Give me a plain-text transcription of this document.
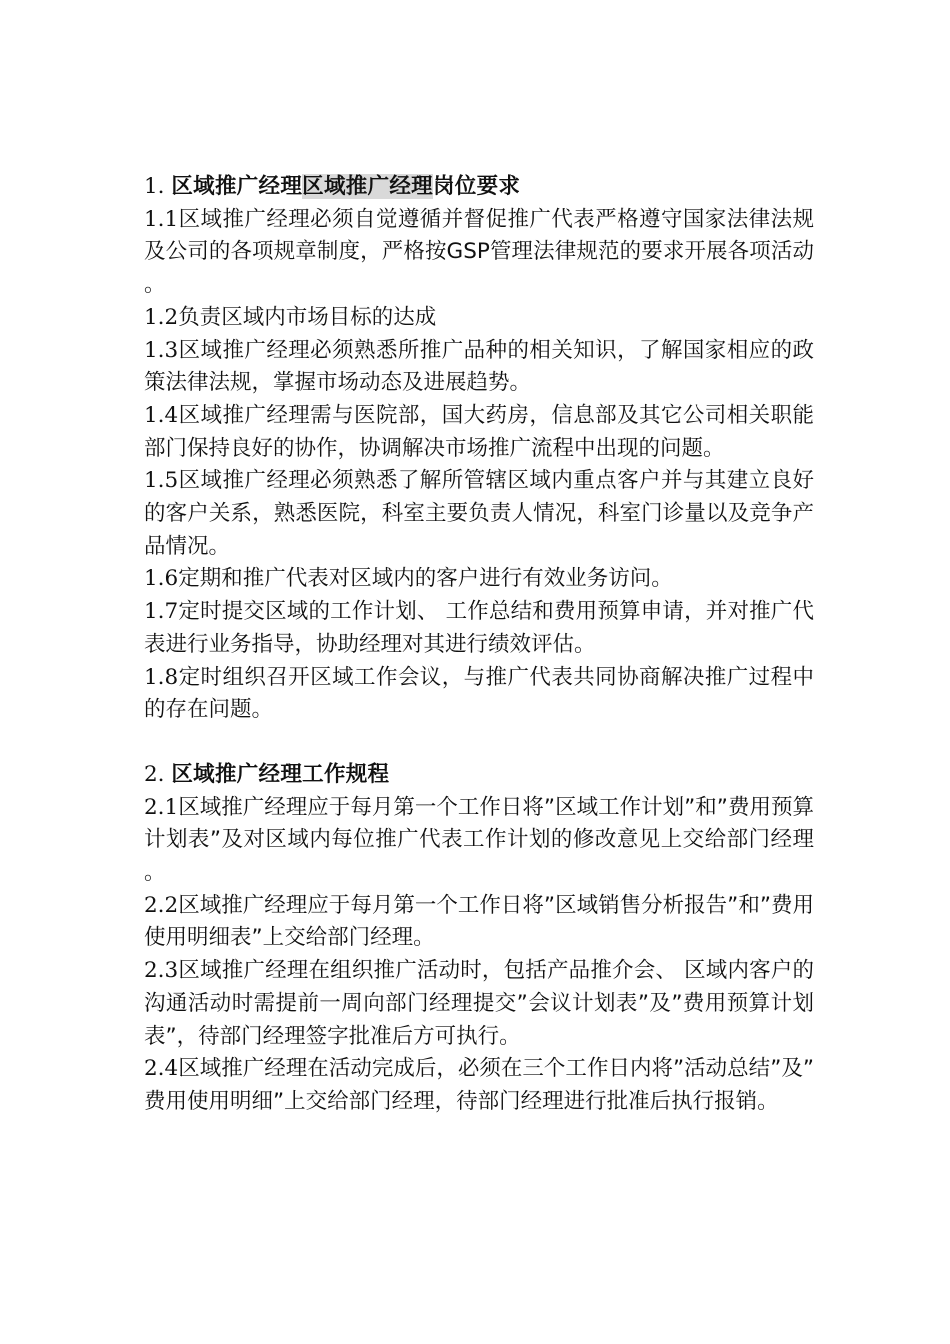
1. 区域推广经理区域推广经理岗位要求

1.1区域推广经理必须自觉遵循并督促推广代表严格遵守国家法律法规及公司的各项规章制度，严格按GSP管理法律规范的要求开展各项活动。

1.2负责区域内市场目标的达成

1.3区域推广经理必须熟悉所推广品种的相关知识，了解国家相应的政策法律法规，掌握市场动态及进展趋势。

1.4区域推广经理需与医院部，国大药房，信息部及其它公司相关职能部门保持良好的协作，协调解决市场推广流程中出现的问题。

1.5区域推广经理必须熟悉了解所管辖区域内重点客户并与其建立良好的客户关系，熟悉医院，科室主要负责人情况，科室门诊量以及竞争产品情况。

1.6定期和推广代表对区域内的客户进行有效业务访问。

1.7定时提交区域的工作计划、 工作总结和费用预算申请，并对推广代表进行业务指导，协助经理对其进行绩效评估。

1.8定时组织召开区域工作会议，与推广代表共同协商解决推广过程中的存在问题。

2. 区域推广经理工作规程

2.1区域推广经理应于每月第一个工作日将”区域工作计划”和”费用预算计划表”及对区域内每位推广代表工作计划的修改意见上交给部门经理。

2.2区域推广经理应于每月第一个工作日将”区域销售分析报告”和”费用使用明细表”上交给部门经理。

2.3区域推广经理在组织推广活动时，包括产品推介会、 区域内客户的沟通活动时需提前一周向部门经理提交”会议计划表”及”费用预算计划表”，待部门经理签字批准后方可执行。

2.4区域推广经理在活动完成后，必须在三个工作日内将”活动总结”及”费用使用明细”上交给部门经理，待部门经理进行批准后执行报销。
